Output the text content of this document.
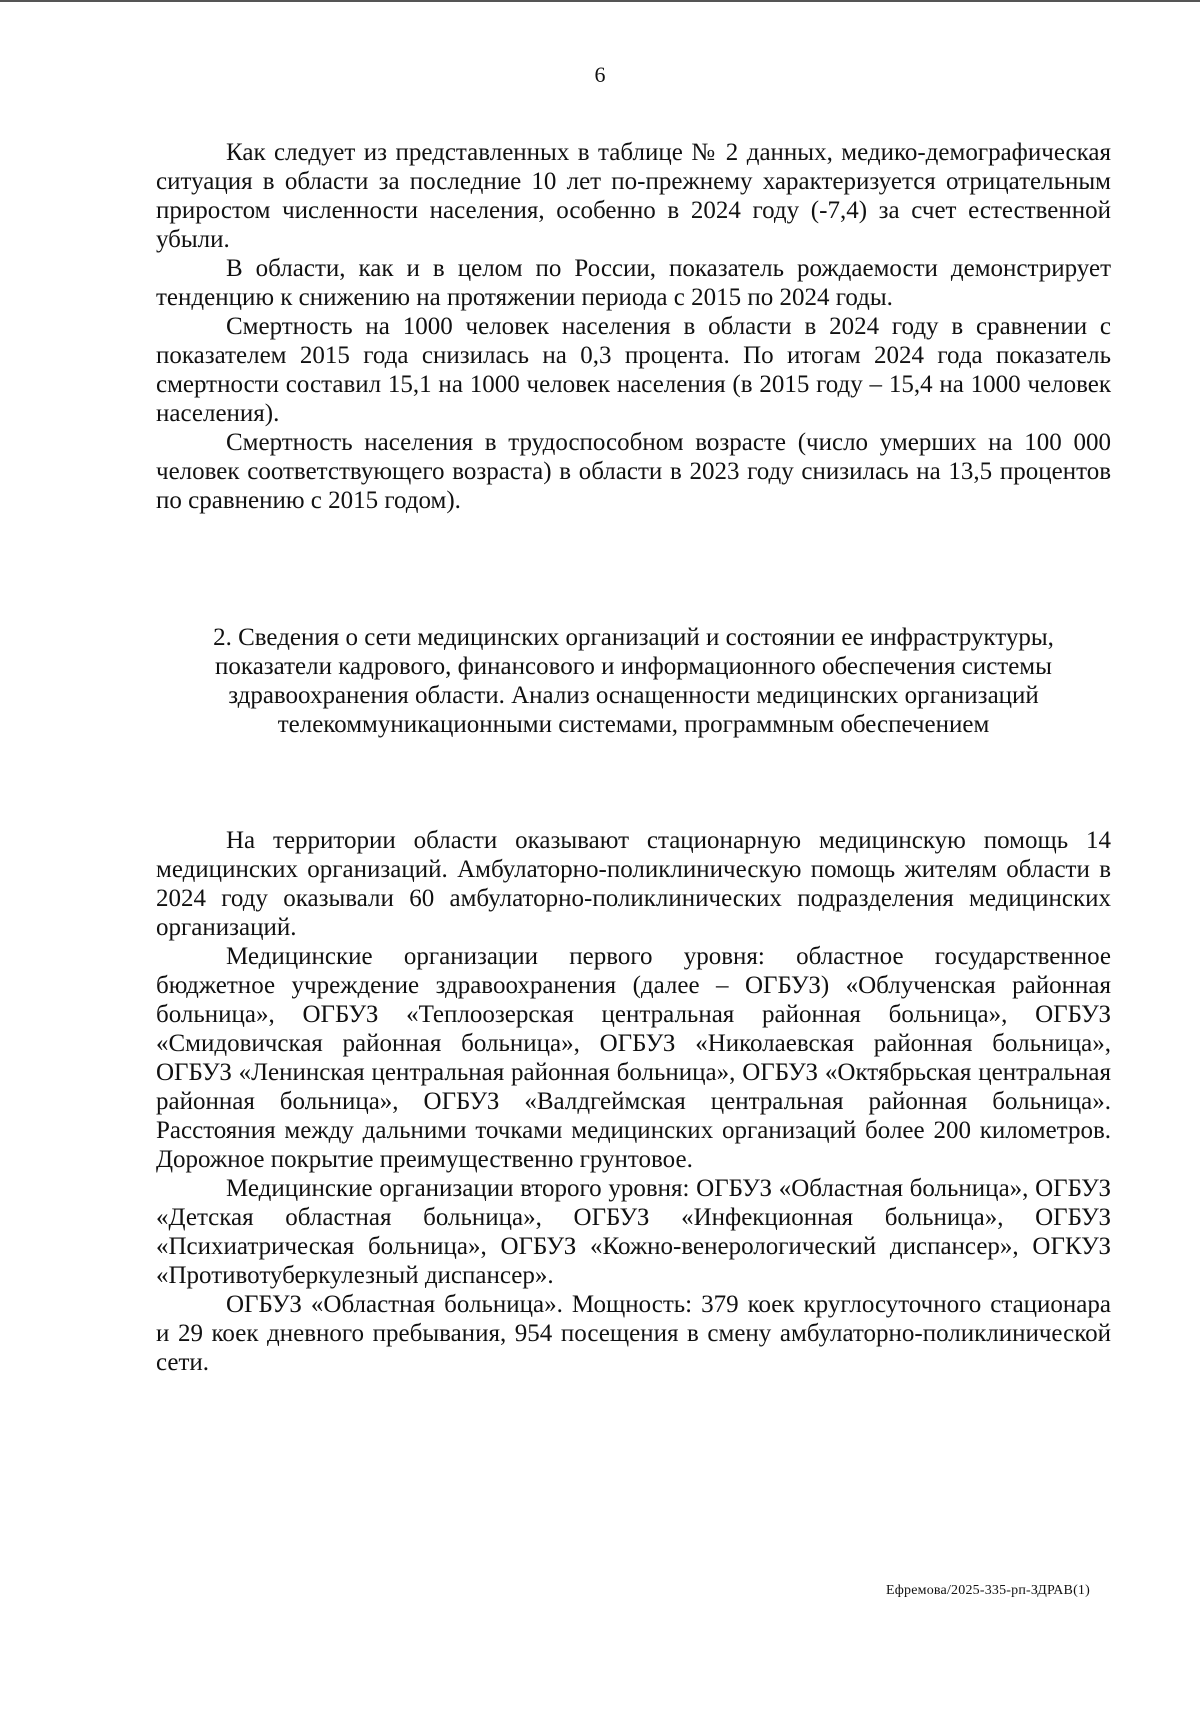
6

Как следует из представленных в таблице № 2 данных, медико-демографическая ситуация в области за последние 10 лет по-прежнему характеризуется отрицательным приростом численности населения, особенно в 2024 году (-7,4) за счет естественной убыли.

В области, как и в целом по России, показатель рождаемости демонстрирует тенденцию к снижению на протяжении периода с 2015 по 2024 годы.

Смертность на 1000 человек населения в области в 2024 году в сравнении с показателем 2015 года снизилась на 0,3 процента. По итогам 2024 года показатель смертности составил 15,1 на 1000 человек населения (в 2015 году – 15,4 на 1000 человек населения).

Смертность населения в трудоспособном возрасте (число умерших на 100 000 человек соответствующего возраста) в области в 2023 году снизилась на 13,5 процентов по сравнению с 2015 годом).

2. Сведения о сети медицинских организаций и состоянии ее инфраструктуры, показатели кадрового, финансового и информационного обеспечения системы здравоохранения области. Анализ оснащенности медицинских организаций телекоммуникационными системами, программным обеспечением

На территории области оказывают стационарную медицинскую помощь 14 медицинских организаций. Амбулаторно-поликлиническую помощь жителям области в 2024 году оказывали 60 амбулаторно-поликлинических подразделения медицинских организаций.

Медицинские организации первого уровня: областное государственное бюджетное учреждение здравоохранения (далее – ОГБУЗ) «Облученская районная больница», ОГБУЗ «Теплоозерская центральная районная больница», ОГБУЗ «Смидовичская районная больница», ОГБУЗ «Николаевская районная больница», ОГБУЗ «Ленинская центральная районная больница», ОГБУЗ «Октябрьская центральная районная больница», ОГБУЗ «Валдгеймская центральная районная больница». Расстояния между дальними точками медицинских организаций более 200 километров. Дорожное покрытие преимущественно грунтовое.

Медицинские организации второго уровня: ОГБУЗ «Областная больница», ОГБУЗ «Детская областная больница», ОГБУЗ «Инфекционная больница», ОГБУЗ «Психиатрическая больница», ОГБУЗ «Кожно-венерологический диспансер», ОГКУЗ «Противотуберкулезный диспансер».

ОГБУЗ «Областная больница». Мощность: 379 коек круглосуточного стационара и 29 коек дневного пребывания, 954 посещения в смену амбулаторно-поликлинической сети.

Ефремова/2025-335-рп-ЗДРАВ(1)
